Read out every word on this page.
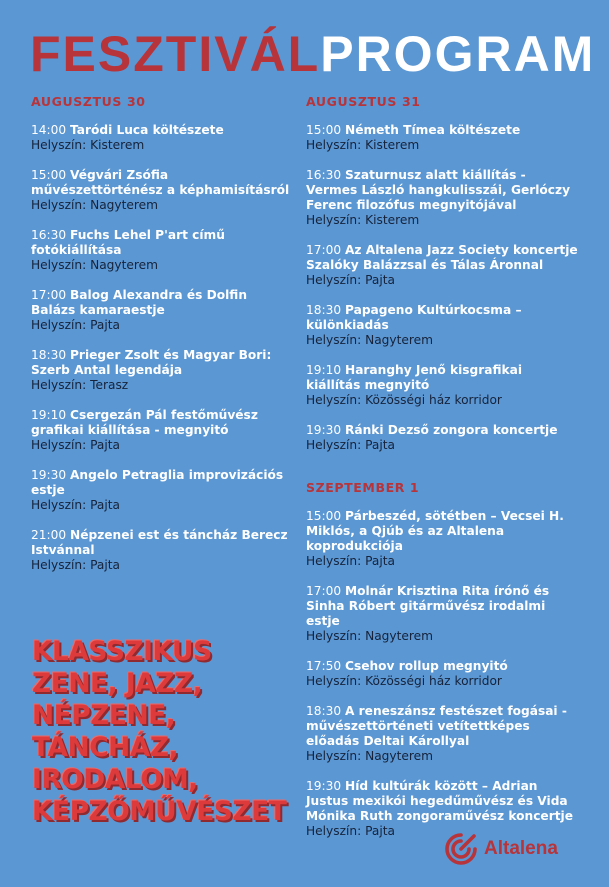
FESZTIVÁLPROGRAM
AUGUSZTUS 30
14:00 Taródi Luca költészete
Helyszín: Kisterem
15:00 Végvári Zsófia művészettörténész a képhamisításról
Helyszín: Nagyterem
16:30 Fuchs Lehel P'art című fotókiállítása
Helyszín: Nagyterem
17:00 Balog Alexandra és Dolfin Balázs kamaraestje
Helyszín: Pajta
18:30 Prieger Zsolt és Magyar Bori: Szerb Antal legendája
Helyszín: Terasz
19:10 Csergezán Pál festőművész grafikai kiállítása - megnyitó
Helyszín: Pajta
19:30 Angelo Petraglia improvizációs estje
Helyszín: Pajta
21:00 Népzenei est és táncház Berecz Istvánnal
Helyszín: Pajta
AUGUSZTUS 31
15:00 Németh Tímea költészete
Helyszín: Kisterem
16:30 Szaturnusz alatt kiállítás - Vermes László hangkulisszái, Gerlóczy Ferenc filozófus megnyitójával
Helyszín: Kisterem
17:00 Az Altalena Jazz Society koncertje Szalóky Balázzsal és Tálas Áronnal
Helyszín: Pajta
18:30 Papageno Kultúrkocsma – különkiadás
Helyszín: Nagyterem
19:10 Haranghy Jenő kisgrafikai kiállítás megnyitó
Helyszín: Közösségi ház korridor
19:30 Ránki Dezső zongora koncertje
Helyszín: Pajta
SZEPTEMBER 1
15:00 Párbeszéd, sötétben – Vecsei H. Miklós, a Qjúb és az Altalena koprodukciója
Helyszín: Pajta
17:00 Molnár Krisztina Rita írónő és Sinha Róbert gitárművész irodalmi estje
Helyszín: Nagyterem
17:50 Csehov rollup megnyitó
Helyszín: Közösségi ház korridor
18:30 A reneszánsz festészet fogásai - művészettörténeti vetítettképes előadás Deltai Károllyal
Helyszín: Nagyterem
19:30 Híd kultúrák között – Adrian Justus mexikói hegedűművész és Vida Mónika Ruth zongoraművész koncertje
Helyszín: Pajta
KLASSZIKUS
ZENE, JAZZ,
NÉPZENE,
TÁNCHÁZ,
IRODALOM,
KÉPZŐMŰVÉSZET
Altalena
